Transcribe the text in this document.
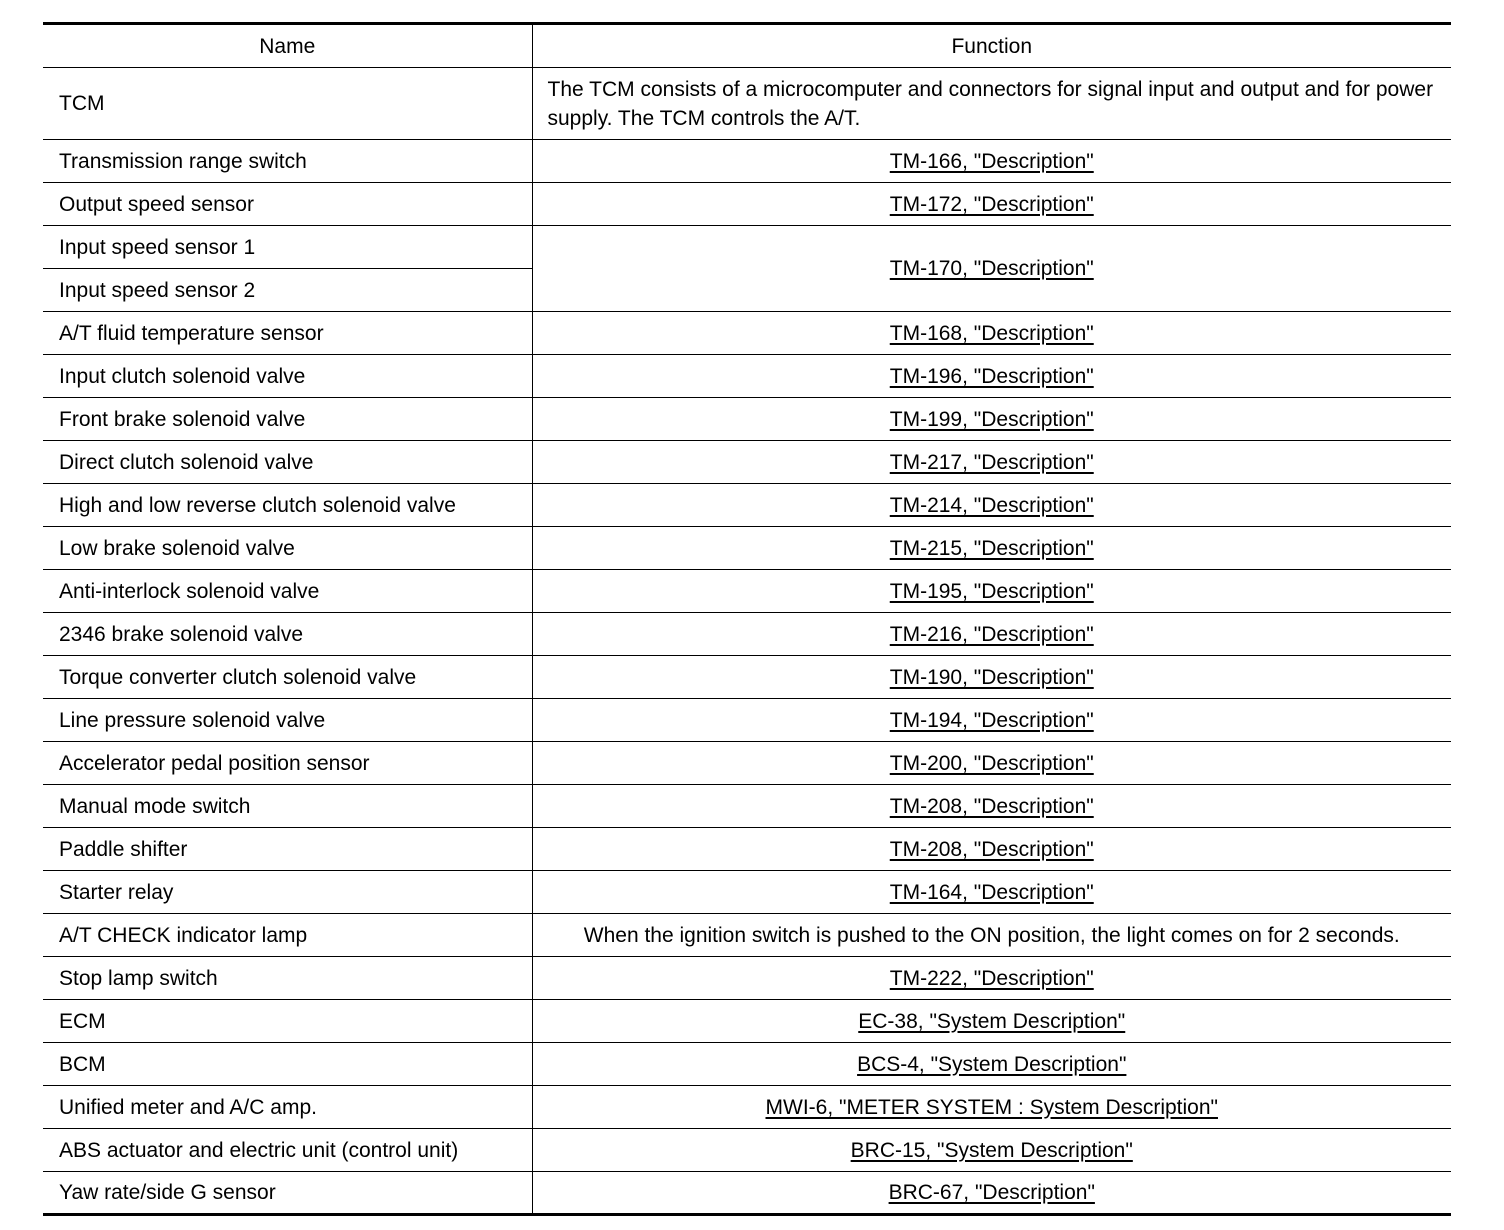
Name	Function
TCM	The TCM consists of a microcomputer and connectors for signal input and output and for power supply. The TCM controls the A/T.
Transmission range switch	TM-166, "Description"
Output speed sensor	TM-172, "Description"
Input speed sensor 1	TM-170, "Description"
Input speed sensor 2	
A/T fluid temperature sensor	TM-168, "Description"
Input clutch solenoid valve	TM-196, "Description"
Front brake solenoid valve	TM-199, "Description"
Direct clutch solenoid valve	TM-217, "Description"
High and low reverse clutch solenoid valve	TM-214, "Description"
Low brake solenoid valve	TM-215, "Description"
Anti-interlock solenoid valve	TM-195, "Description"
2346 brake solenoid valve	TM-216, "Description"
Torque converter clutch solenoid valve	TM-190, "Description"
Line pressure solenoid valve	TM-194, "Description"
Accelerator pedal position sensor	TM-200, "Description"
Manual mode switch	TM-208, "Description"
Paddle shifter	TM-208, "Description"
Starter relay	TM-164, "Description"
A/T CHECK indicator lamp	When the ignition switch is pushed to the ON position, the light comes on for 2 seconds.
Stop lamp switch	TM-222, "Description"
ECM	EC-38, "System Description"
BCM	BCS-4, "System Description"
Unified meter and A/C amp.	MWI-6, "METER SYSTEM : System Description"
ABS actuator and electric unit (control unit)	BRC-15, "System Description"
Yaw rate/side G sensor	BRC-67, "Description"
